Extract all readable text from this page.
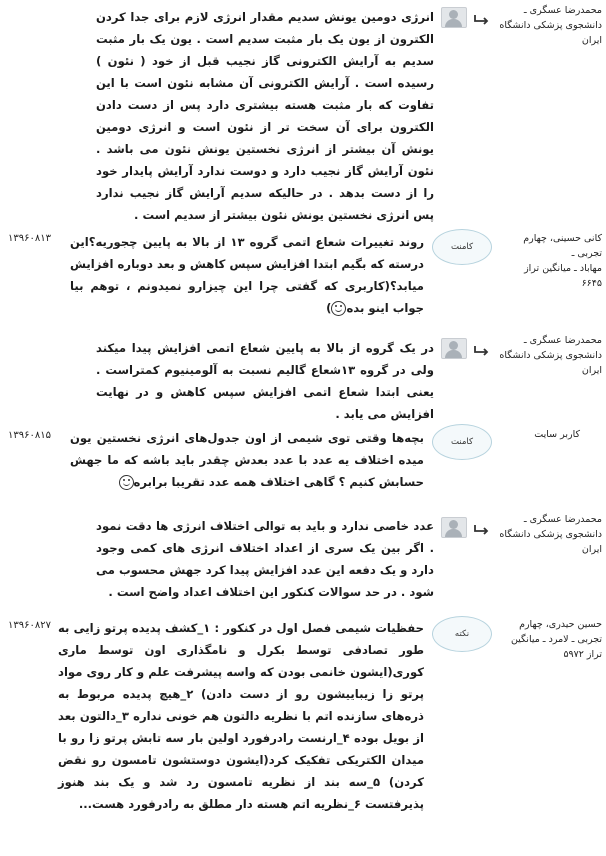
محمدرضا عسگری ـ
دانشجوی پزشکی دانشگاه
ایران
انرژی دومین یونش سدیم مقدار انرژی لازم برای جدا کردن الکترون از یون یک بار مثبت سدیم است . یون یک بار مثبت سدیم به آرایش الکترونی گاز نجیب قبل از خود ( نئون ) رسیده است . آرایش الکترونی آن مشابه نئون است با این تفاوت که بار مثبت هسته بیشتری دارد پس از دست دادن الکترون برای آن سخت تر از نئون است و انرژی دومین یونش آن بیشتر از انرژی نخستین یونش نئون می باشد . نئون آرایش گاز نجیب دارد و دوست ندارد آرایش پایدار خود را از دست بدهد . در حالیکه سدیم آرایش گاز نجیب ندارد پس انرژی نخستین یونش نئون بیشتر از سدیم است .
۱۳۹۶۰۸۱۳	کانی حسینی، چهارم تجربی ـ
مهاباد ـ میانگین تراز
۶۶۴۵
کامنت
روند تغییرات شعاع اتمی گروه ۱۳ از بالا به پایین چجوریه؟این درسته که بگیم ابتدا افزایش سپس کاهش و بعد دوباره افزایش میابد؟(کاربری که گفتی چرا این چیزارو نمیدونم ، توهم بیا جواب اینو بده)
محمدرضا عسگری ـ
دانشجوی پزشکی دانشگاه
ایران
در یک گروه از بالا به پایین شعاع اتمی افزایش پیدا میکند ولی در گروه ۱۳شعاع گالیم نسبت به آلومینیوم کمتراست . یعنی ابتدا شعاع اتمی افزایش سپس کاهش و در نهایت افزایش می یابد .
۱۳۹۶۰۸۱۵	کاربر سایت
کامنت
بچه‌ها وقتی توی شیمی از اون جدول‌های انرژی نخستین یون میده اختلاف یه عدد با عدد بعدش چقدر باید باشه که ما جهش حسابش کنیم ؟ گاهی اختلاف همه عدد تقریبا برابره
محمدرضا عسگری ـ
دانشجوی پزشکی دانشگاه
ایران
عدد خاصی ندارد و باید به توالی اختلاف انرژی ها دقت نمود . اگر بین یک سری از اعداد اختلاف انرژی های کمی وجود دارد و یک دفعه این عدد افزایش پیدا کرد جهش محسوب می شود . در حد سوالات کنکور این اختلاف اعداد واضح است .
۱۳۹۶۰۸۲۷	حسین حیدری، چهارم
تجربی ـ لامرد ـ میانگین
تراز ۵۹۷۲
نکته
حفظیات شیمی فصل اول در کنکور : ۱_کشف پدیده پرتو زایی به طور تصادفی توسط بکرل و نامگذاری اون توسط ماری کوری(ایشون خانمی بودن که واسه پیشرفت علم و کار روی مواد پرتو زا زیباییشون رو از دست دادن) ۲_هیچ پدیده مربوط به ذره‌های سازنده اتم با نظریه دالتون هم خونی نداره ۳_دالتون بعد از بویل بوده ۴_ارنست رادرفورد اولین بار سه تابش پرتو زا رو با میدان الکتریکی تفکیک کرد(ایشون دوستشون تامسون رو نقض کردن) ۵_سه بند از نظریه تامسون رد شد و یک بند هنوز پذیرفتست ۶_نظریه اتم هسته دار مطلق به رادرفورد هست...
